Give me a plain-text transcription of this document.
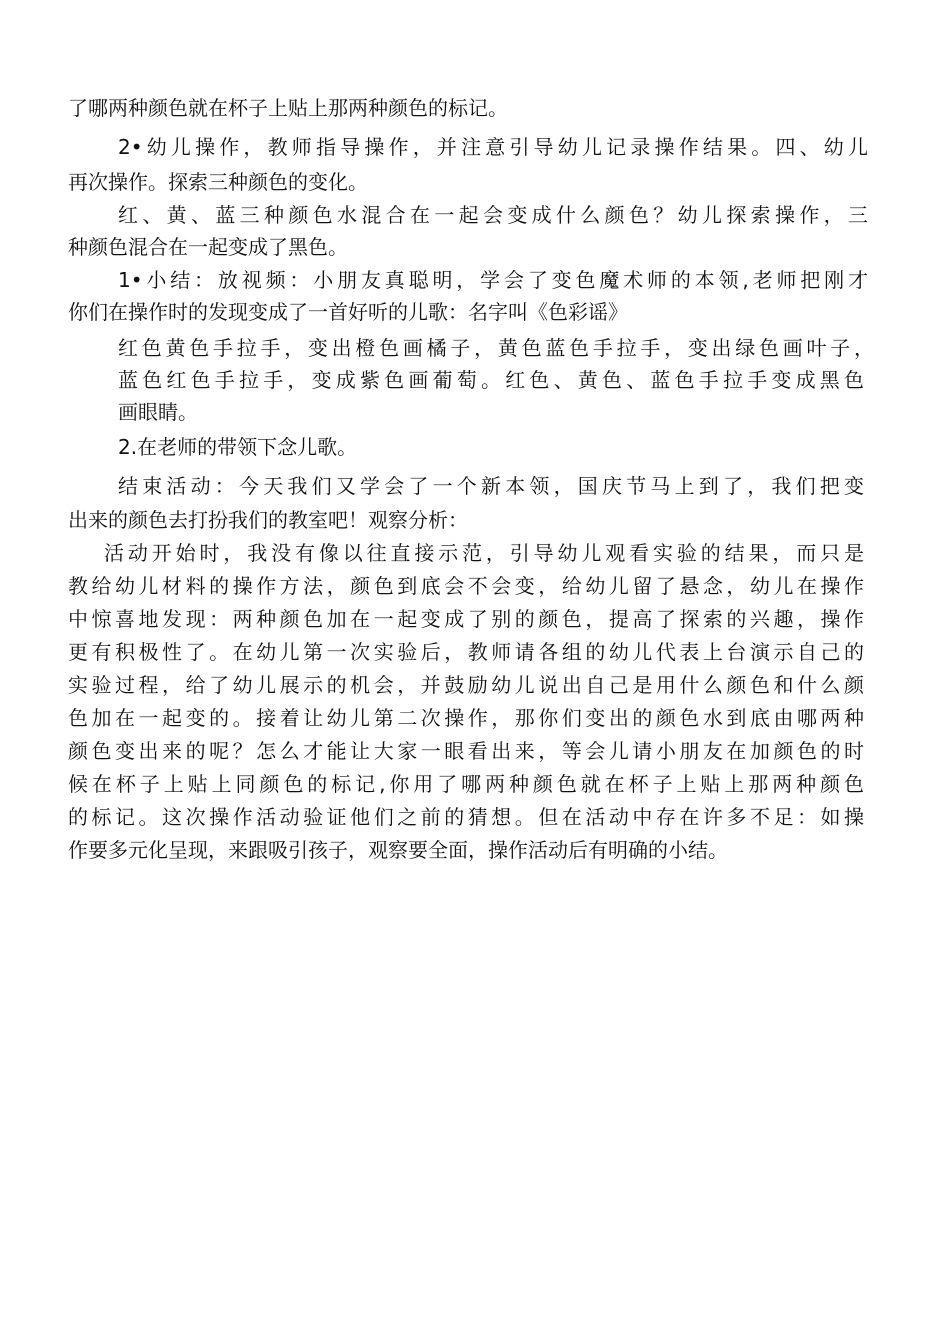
了哪两种颜色就在杯子上贴上那两种颜色的标记。
2•幼儿操作，教师指导操作，并注意引导幼儿记录操作结果。四、幼儿
再次操作。探索三种颜色的变化。
红、黄、蓝三种颜色水混合在一起会变成什么颜色？幼儿探索操作，三
种颜色混合在一起变成了黑色。
1•小结：放视频：小朋友真聪明，学会了变色魔术师的本领,老师把刚才
你们在操作时的发现变成了一首好听的儿歌：名字叫《色彩谣》
红色黄色手拉手，变出橙色画橘子，黄色蓝色手拉手，变出绿色画叶子，
蓝色红色手拉手，变成紫色画葡萄。红色、黄色、蓝色手拉手变成黑色
画眼睛。
2.在老师的带领下念儿歌。
结束活动：今天我们又学会了一个新本领，国庆节马上到了，我们把变
出来的颜色去打扮我们的教室吧！观察分析：
活动开始时，我没有像以往直接示范，引导幼儿观看实验的结果，而只是
教给幼儿材料的操作方法，颜色到底会不会变，给幼儿留了悬念，幼儿在操作
中惊喜地发现：两种颜色加在一起变成了别的颜色，提高了探索的兴趣，操作
更有积极性了。在幼儿第一次实验后，教师请各组的幼儿代表上台演示自己的
实验过程，给了幼儿展示的机会，并鼓励幼儿说出自己是用什么颜色和什么颜
色加在一起变的。接着让幼儿第二次操作，那你们变出的颜色水到底由哪两种
颜色变出来的呢？怎么才能让大家一眼看出来，等会儿请小朋友在加颜色的时
候在杯子上贴上同颜色的标记,你用了哪两种颜色就在杯子上贴上那两种颜色
的标记。这次操作活动验证他们之前的猜想。但在活动中存在许多不足：如操
作要多元化呈现，来跟吸引孩子，观察要全面，操作活动后有明确的小结。
